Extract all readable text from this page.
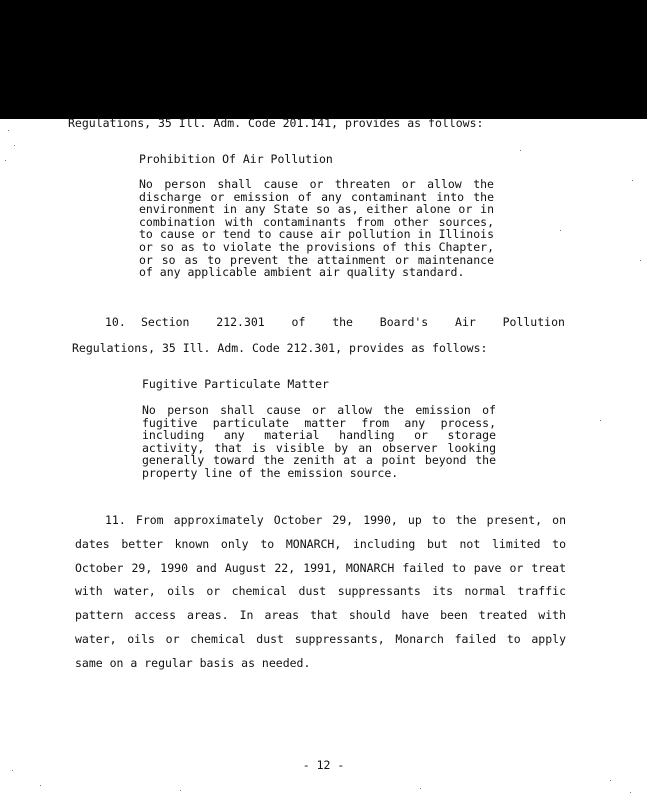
Regulations, 35 Ill. Adm. Code 201.141, provides as follows:
Prohibition Of Air Pollution
No person shall cause or threaten or allow the discharge or emission of any contaminant into the environment in any State so as, either alone or in combination with contaminants from other sources, to cause or tend to cause air pollution in Illinois or so as to violate the provisions of this Chapter, or so as to prevent the attainment or maintenance of any applicable ambient air quality standard.
10. Section 212.301 of the Board's Air Pollution
Regulations, 35 Ill. Adm. Code 212.301, provides as follows:
Fugitive Particulate Matter
No person shall cause or allow the emission of fugitive particulate matter from any process, including any material handling or storage activity, that is visible by an observer looking generally toward the zenith at a point beyond the property line of the emission source.
11. From approximately October 29, 1990, up to the present, on dates better known only to MONARCH, including but not limited to October 29, 1990 and August 22, 1991, MONARCH failed to pave or treat with water, oils or chemical dust suppressants its normal traffic pattern access areas. In areas that should have been treated with water, oils or chemical dust suppressants, Monarch failed to apply same on a regular basis as needed.
- 12 -
